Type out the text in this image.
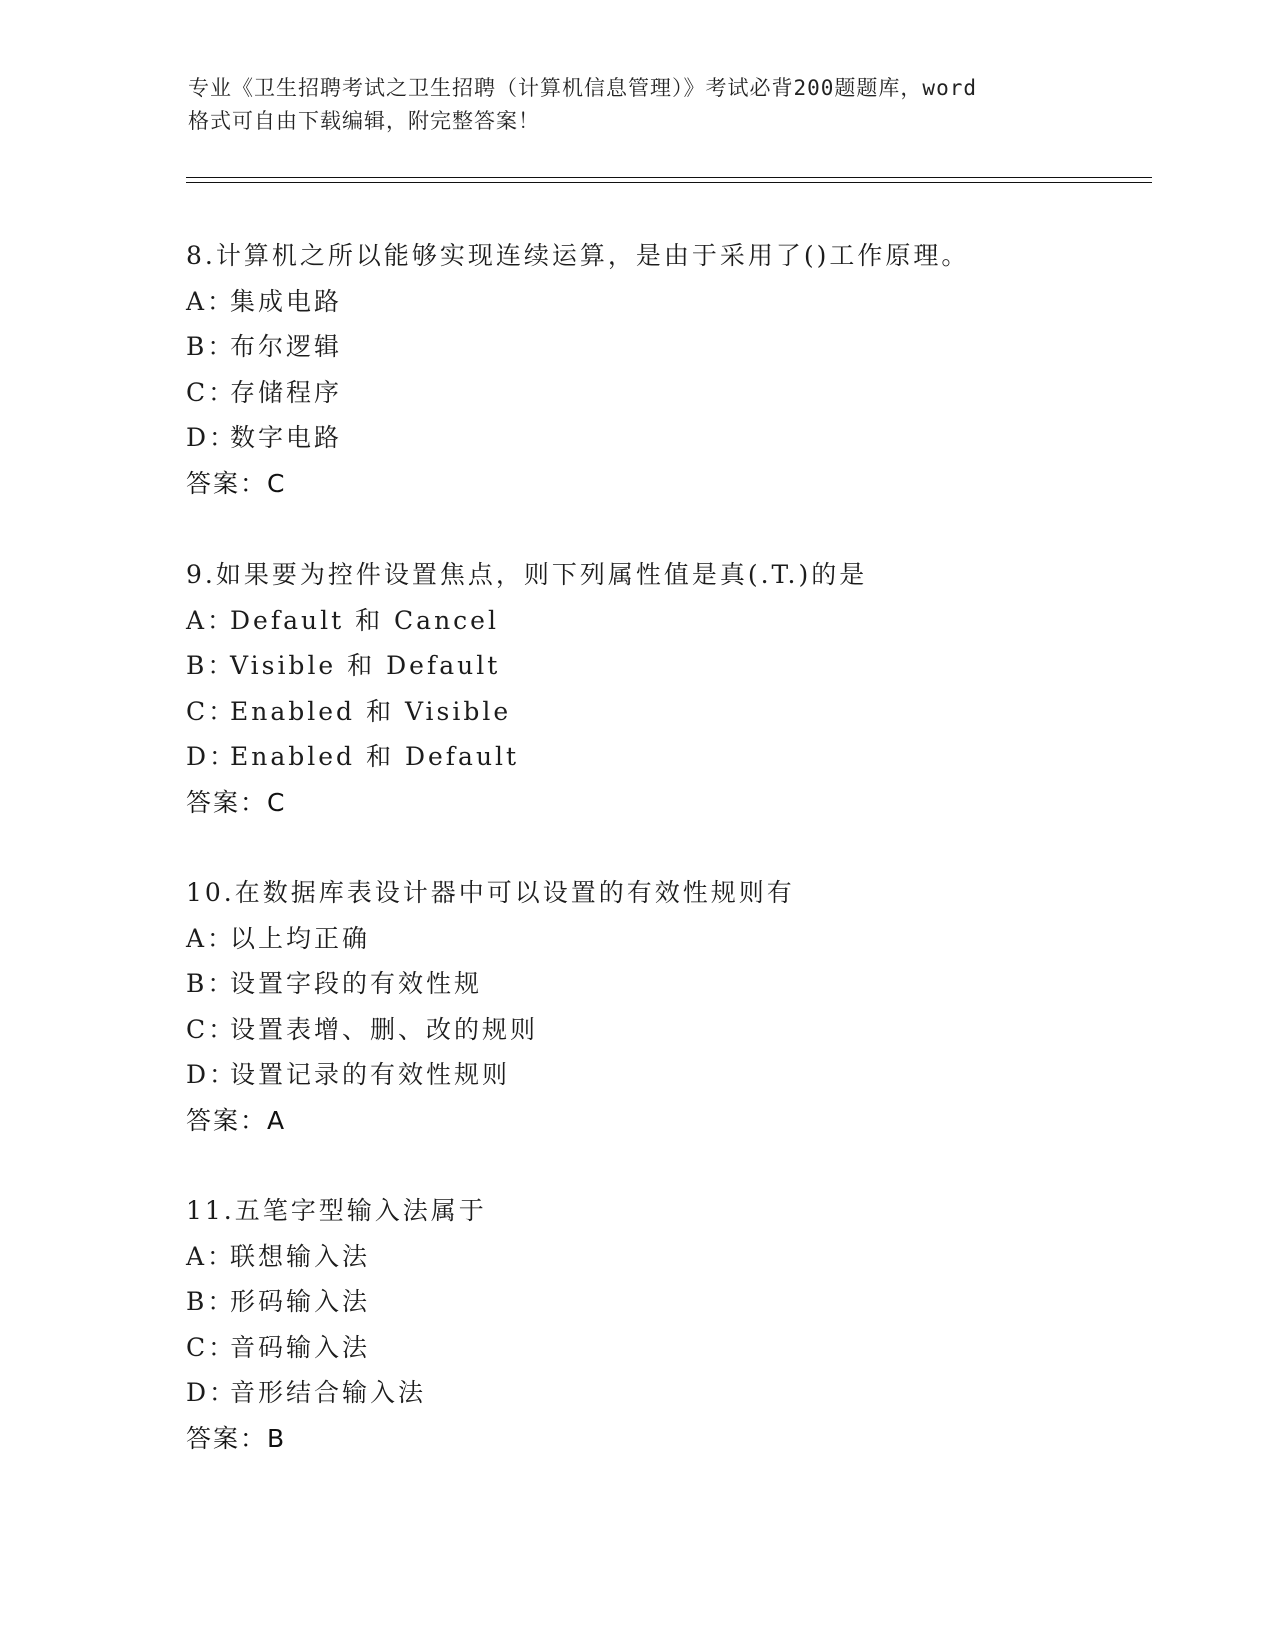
专业《卫生招聘考试之卫生招聘（计算机信息管理）》考试必背200题题库，word
格式可自由下载编辑，附完整答案！
8.计算机之所以能够实现连续运算，是由于采用了()工作原理。
A：集成电路
B：布尔逻辑
C：存储程序
D：数字电路
答案：C
9.如果要为控件设置焦点，则下列属性值是真(.T.)的是
A：Default 和 Cancel
B：Visible 和 Default
C：Enabled 和 Visible
D：Enabled 和 Default
答案：C
10.在数据库表设计器中可以设置的有效性规则有
A：以上均正确
B：设置字段的有效性规
C：设置表增、删、改的规则
D：设置记录的有效性规则
答案：A
11.五笔字型输入法属于
A：联想输入法
B：形码输入法
C：音码输入法
D：音形结合输入法
答案：B
